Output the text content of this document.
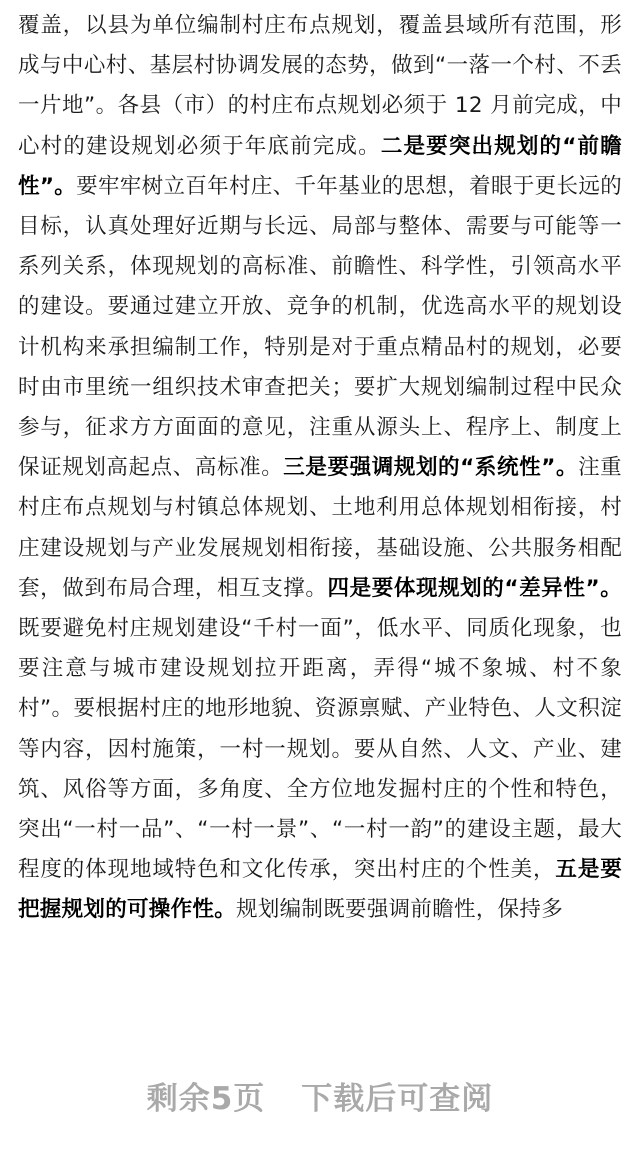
覆盖，以县为单位编制村庄布点规划，覆盖县域所有范围，形成与中心村、基层村协调发展的态势，做到“一落一个村、不丢一片地”。各县（市）的村庄布点规划必须于 12 月前完成，中心村的建设规划必须于年底前完成。二是要突出规划的“前瞻性”。要牢牢树立百年村庄、千年基业的思想，着眼于更长远的目标，认真处理好近期与长远、局部与整体、需要与可能等一系列关系，体现规划的高标准、前瞻性、科学性，引领高水平的建设。要通过建立开放、竞争的机制，优选高水平的规划设计机构来承担编制工作，特别是对于重点精品村的规划，必要时由市里统一组织技术审查把关；要扩大规划编制过程中民众参与，征求方方面面的意见，注重从源头上、程序上、制度上保证规划高起点、高标准。三是要强调规划的“系统性”。注重村庄布点规划与村镇总体规划、土地利用总体规划相衔接，村庄建设规划与产业发展规划相衔接，基础设施、公共服务相配套，做到布局合理，相互支撑。四是要体现规划的“差异性”。既要避免村庄规划建设“千村一面”，低水平、同质化现象，也要注意与城市建设规划拉开距离，弄得“城不象城、村不象村”。要根据村庄的地形地貌、资源禀赋、产业特色、人文积淀等内容，因村施策，一村一规划。要从自然、人文、产业、建筑、风俗等方面，多角度、全方位地发掘村庄的个性和特色，突出“一村一品”、“一村一景”、“一村一韵”的建设主题，最大程度的体现地域特色和文化传承，突出村庄的个性美，五是要把握规划的可操作性。规划编制既要强调前瞻性，保持多

剩余5页 下载后可查阅
